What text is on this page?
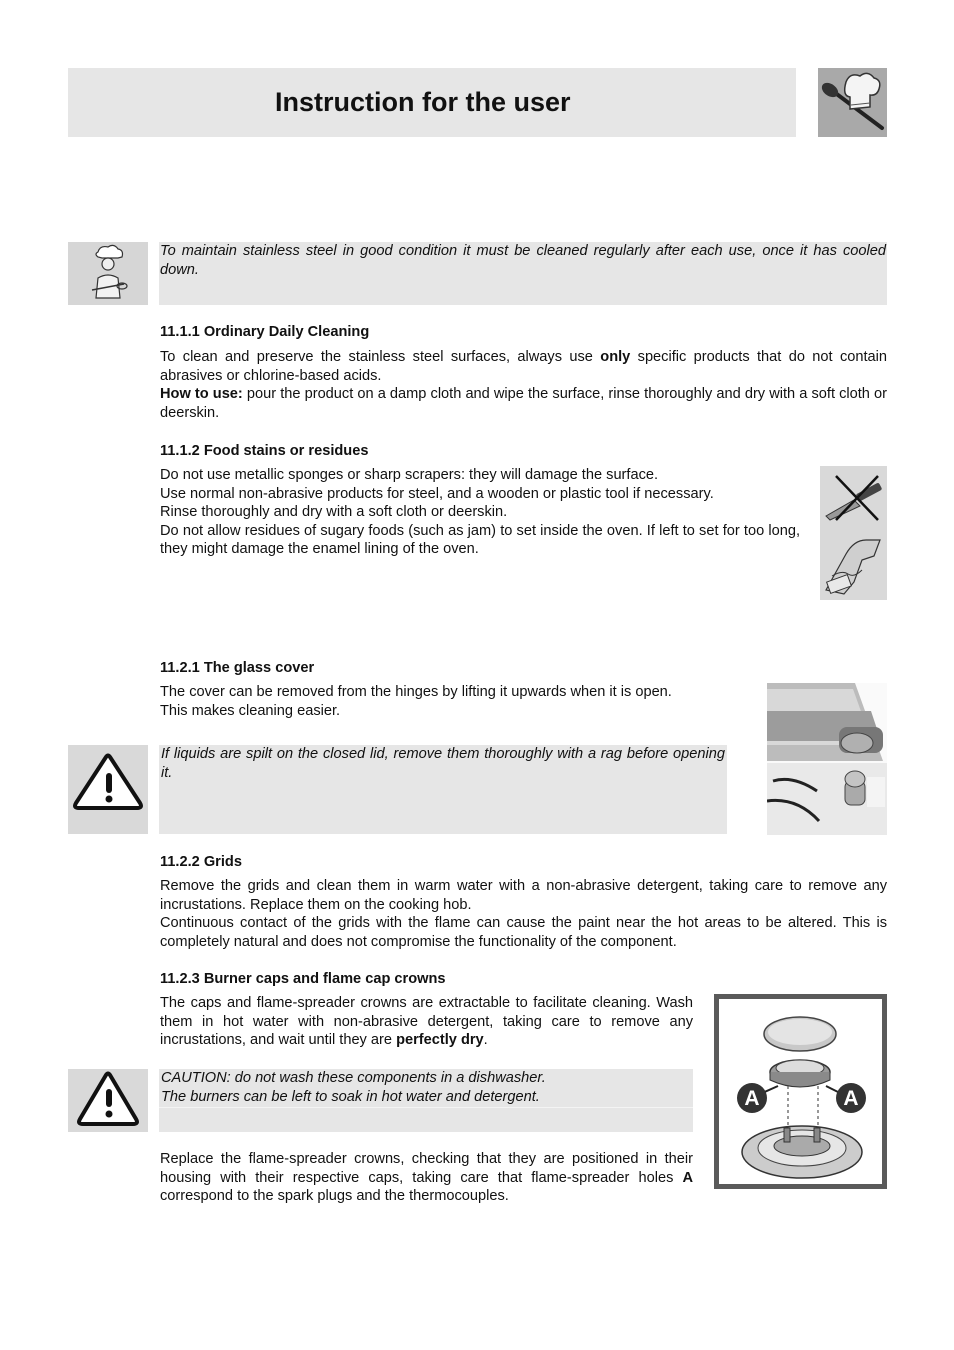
Instruction for the user

To maintain stainless steel in good condition it must be cleaned regularly after each use, once it has cooled down.

11.1.1 Ordinary Daily Cleaning

To clean and preserve the stainless steel surfaces, always use only specific products that do not contain abrasives or chlorine-based acids.

How to use: pour the product on a damp cloth and wipe the surface, rinse thoroughly and dry with a soft cloth or deerskin.

11.1.2 Food stains or residues

Do not use metallic sponges or sharp scrapers: they will damage the surface.

Use normal non-abrasive products for steel, and a wooden or plastic tool if necessary.

Rinse thoroughly and dry with a soft cloth or deerskin.

Do not allow residues of sugary foods (such as jam) to set inside the oven. If left to set for too long, they might damage the enamel lining of the oven.

11.2.1 The glass cover

The cover can be removed from the hinges by lifting it upwards when it is open.

This makes cleaning easier.

If liquids are spilt on the closed lid, remove them thoroughly with a rag before opening it.

11.2.2 Grids

Remove the grids and clean them in warm water with a non-abrasive detergent, taking care to remove any incrustations. Replace them on the cooking hob.

Continuous contact of the grids with the flame can cause the paint near the hot areas to be altered. This is completely natural and does not compromise the functionality of the component.

11.2.3 Burner caps and flame cap crowns

The caps and flame-spreader crowns are extractable to facilitate cleaning. Wash them in hot water with non-abrasive detergent, taking care to remove any incrustations, and wait until they are perfectly dry.

CAUTION: do not wash these components in a dishwasher.

The burners can be left to soak in hot water and detergent.

Replace the flame-spreader crowns, checking that they are positioned in their housing with their respective caps, taking care that flame-spreader holes A correspond to the spark plugs and the thermocouples.

A	A
